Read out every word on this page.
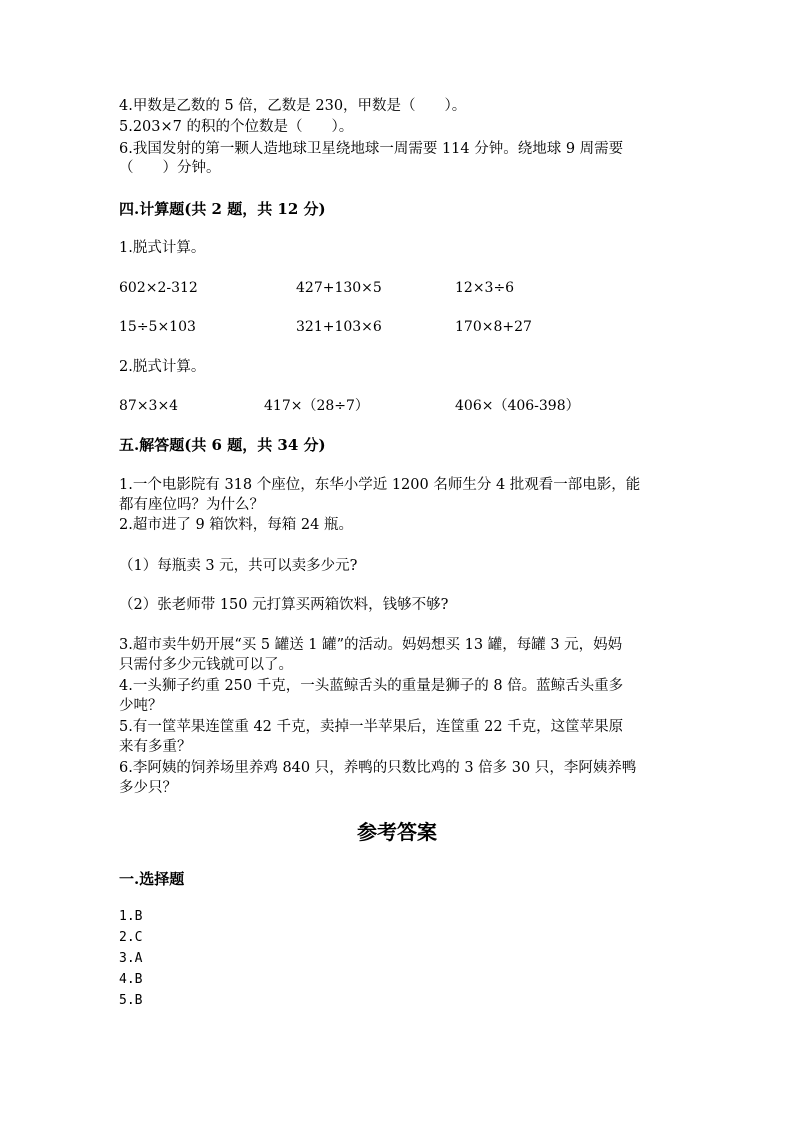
4.甲数是乙数的 5 倍，乙数是 230，甲数是（　　）。
5.203×7 的积的个位数是（　　）。
6.我国发射的第一颗人造地球卫星绕地球一周需要 114 分钟。绕地球 9 周需要
（　　）分钟。
四.计算题(共 2 题，共 12 分)
1.脱式计算。
602×2-312	427+130×5	12×3÷6
15÷5×103	321+103×6	170×8+27
2.脱式计算。
87×3×4	417×（28÷7）	406×（406-398）
五.解答题(共 6 题，共 34 分)
1.一个电影院有 318 个座位，东华小学近 1200 名师生分 4 批观看一部电影，能
都有座位吗？为什么？
2.超市进了 9 箱饮料，每箱 24 瓶。
（1）每瓶卖 3 元，共可以卖多少元?
（2）张老师带 150 元打算买两箱饮料，钱够不够?
3.超市卖牛奶开展“买 5 罐送 1 罐”的活动。妈妈想买 13 罐，每罐 3 元，妈妈
只需付多少元钱就可以了。
4.一头狮子约重 250 千克，一头蓝鲸舌头的重量是狮子的 8 倍。蓝鲸舌头重多
少吨？
5.有一筐苹果连筐重 42 千克，卖掉一半苹果后，连筐重 22 千克，这筐苹果原
来有多重？
6.李阿姨的饲养场里养鸡 840 只，养鸭的只数比鸡的 3 倍多 30 只，李阿姨养鸭
多少只？
参考答案
一.选择题
1.B
2.C
3.A
4.B
5.B
